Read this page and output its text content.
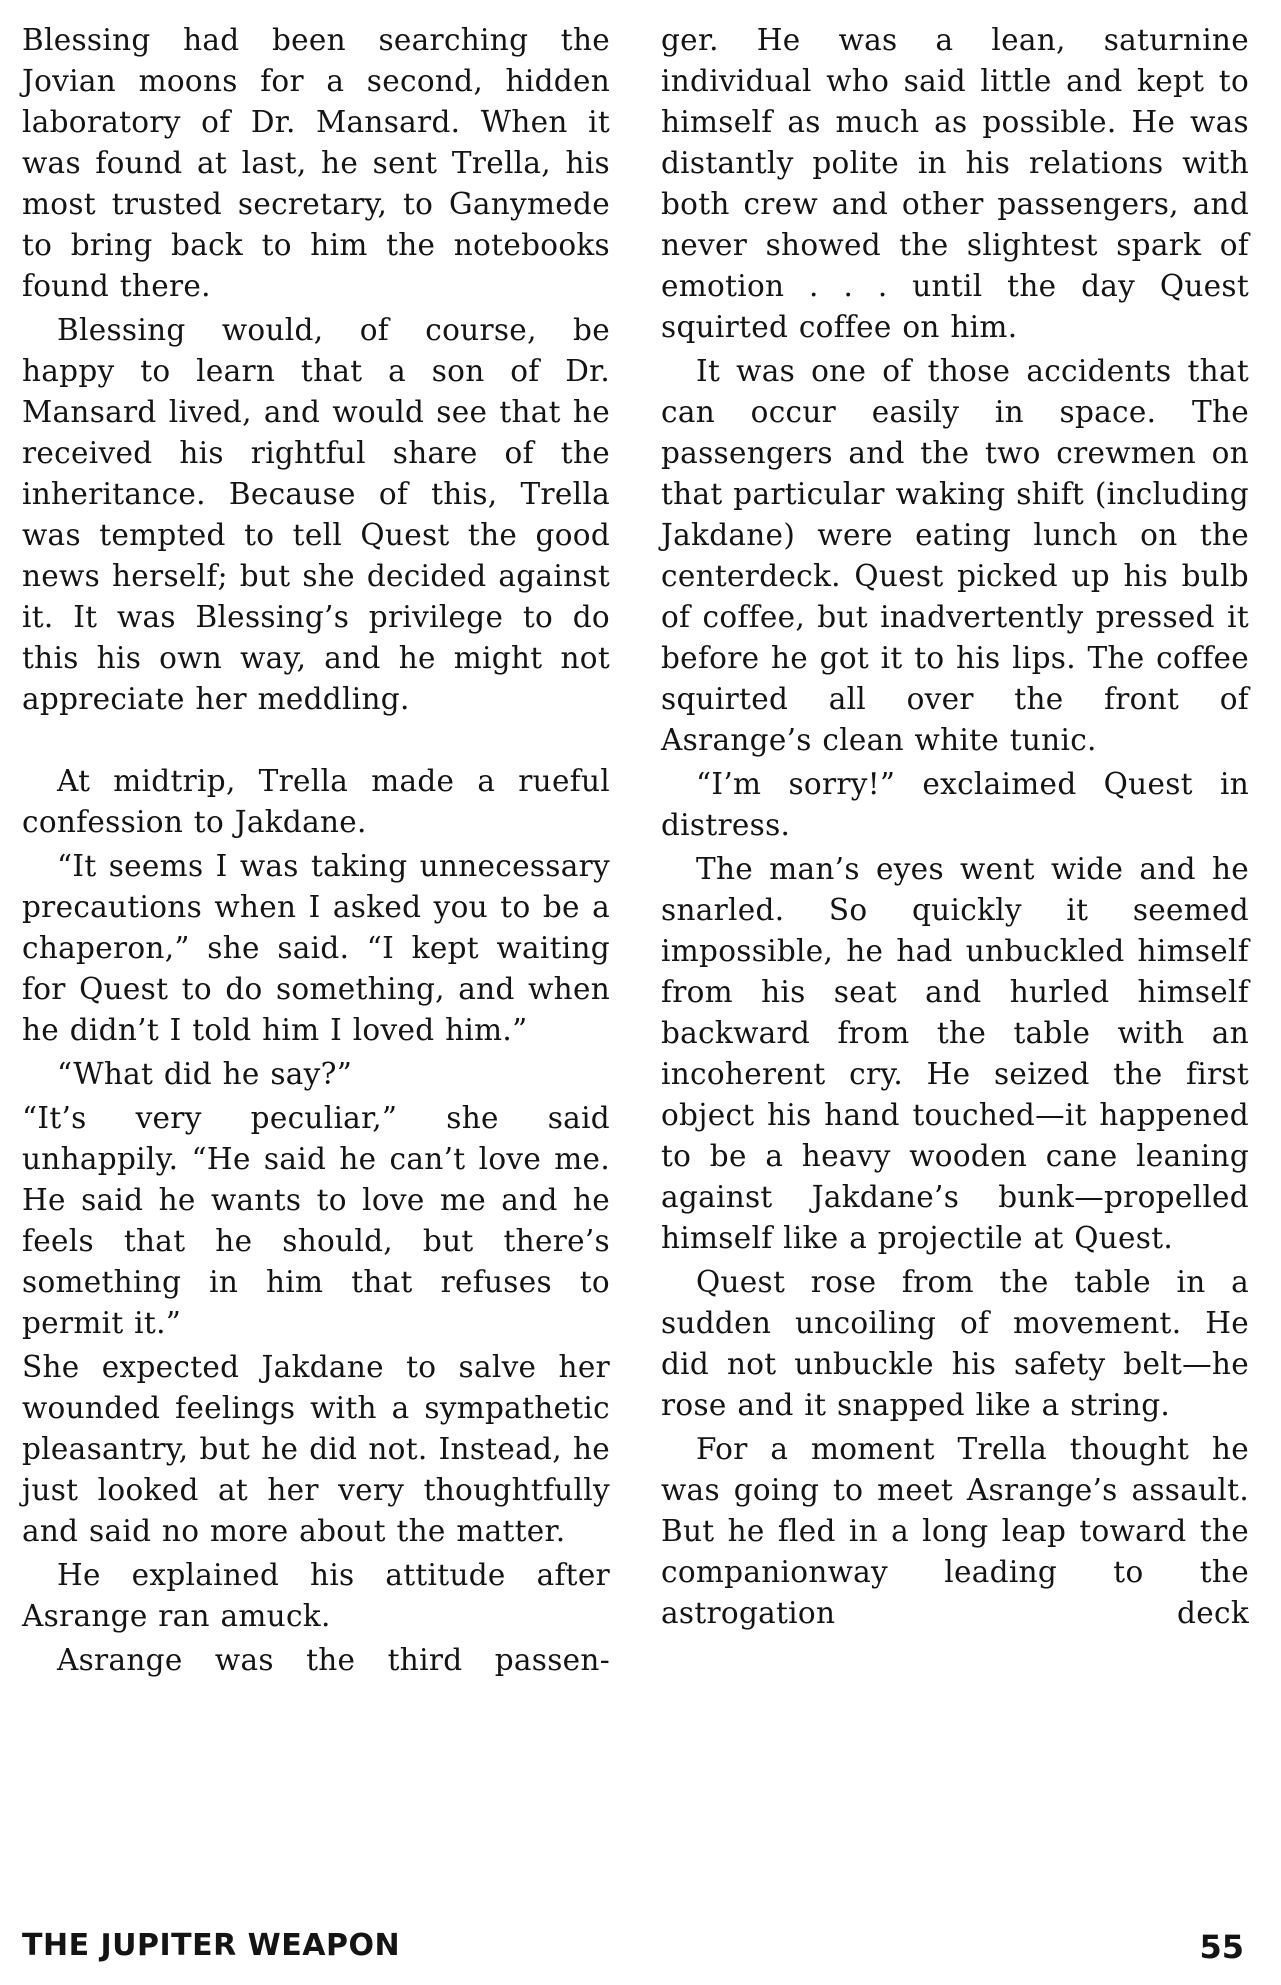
Blessing had been searching the Jovian moons for a second, hidden laboratory of Dr. Mansard. When it was found at last, he sent Trella, his most trusted secretary, to Ganymede to bring back to him the notebooks found there.

Blessing would, of course, be happy to learn that a son of Dr. Mansard lived, and would see that he received his rightful share of the inheritance. Because of this, Trella was tempted to tell Quest the good news herself; but she decided against it. It was Blessing’s privilege to do this his own way, and he might not appreciate her meddling.

At midtrip, Trella made a rueful confession to Jakdane.

“It seems I was taking unnecessary precautions when I asked you to be a chaperon,” she said. “I kept waiting for Quest to do something, and when he didn’t I told him I loved him.”

“What did he say?”

“It’s very peculiar,” she said unhappily. “He said he can’t love me. He said he wants to love me and he feels that he should, but there’s something in him that refuses to permit it.”

She expected Jakdane to salve her wounded feelings with a sympathetic pleasantry, but he did not. Instead, he just looked at her very thoughtfully and said no more about the matter.

He explained his attitude after Asrange ran amuck.

Asrange was the third passen-

ger. He was a lean, saturnine individual who said little and kept to himself as much as possible. He was distantly polite in his relations with both crew and other passengers, and never showed the slightest spark of emotion . . . until the day Quest squirted coffee on him.

It was one of those accidents that can occur easily in space. The passengers and the two crewmen on that particular waking shift (including Jakdane) were eating lunch on the centerdeck. Quest picked up his bulb of coffee, but inadvertently pressed it before he got it to his lips. The coffee squirted all over the front of Asrange’s clean white tunic.

“I’m sorry!” exclaimed Quest in distress.

The man’s eyes went wide and he snarled. So quickly it seemed impossible, he had unbuckled himself from his seat and hurled himself backward from the table with an incoherent cry. He seized the first object his hand touched—it happened to be a heavy wooden cane leaning against Jakdane’s bunk—propelled himself like a projectile at Quest.

Quest rose from the table in a sudden uncoiling of movement. He did not unbuckle his safety belt—he rose and it snapped like a string.

For a moment Trella thought he was going to meet Asrange’s assault. But he fled in a long leap toward the companionway leading to the astrogation deck

THE JUPITER WEAPON	55
